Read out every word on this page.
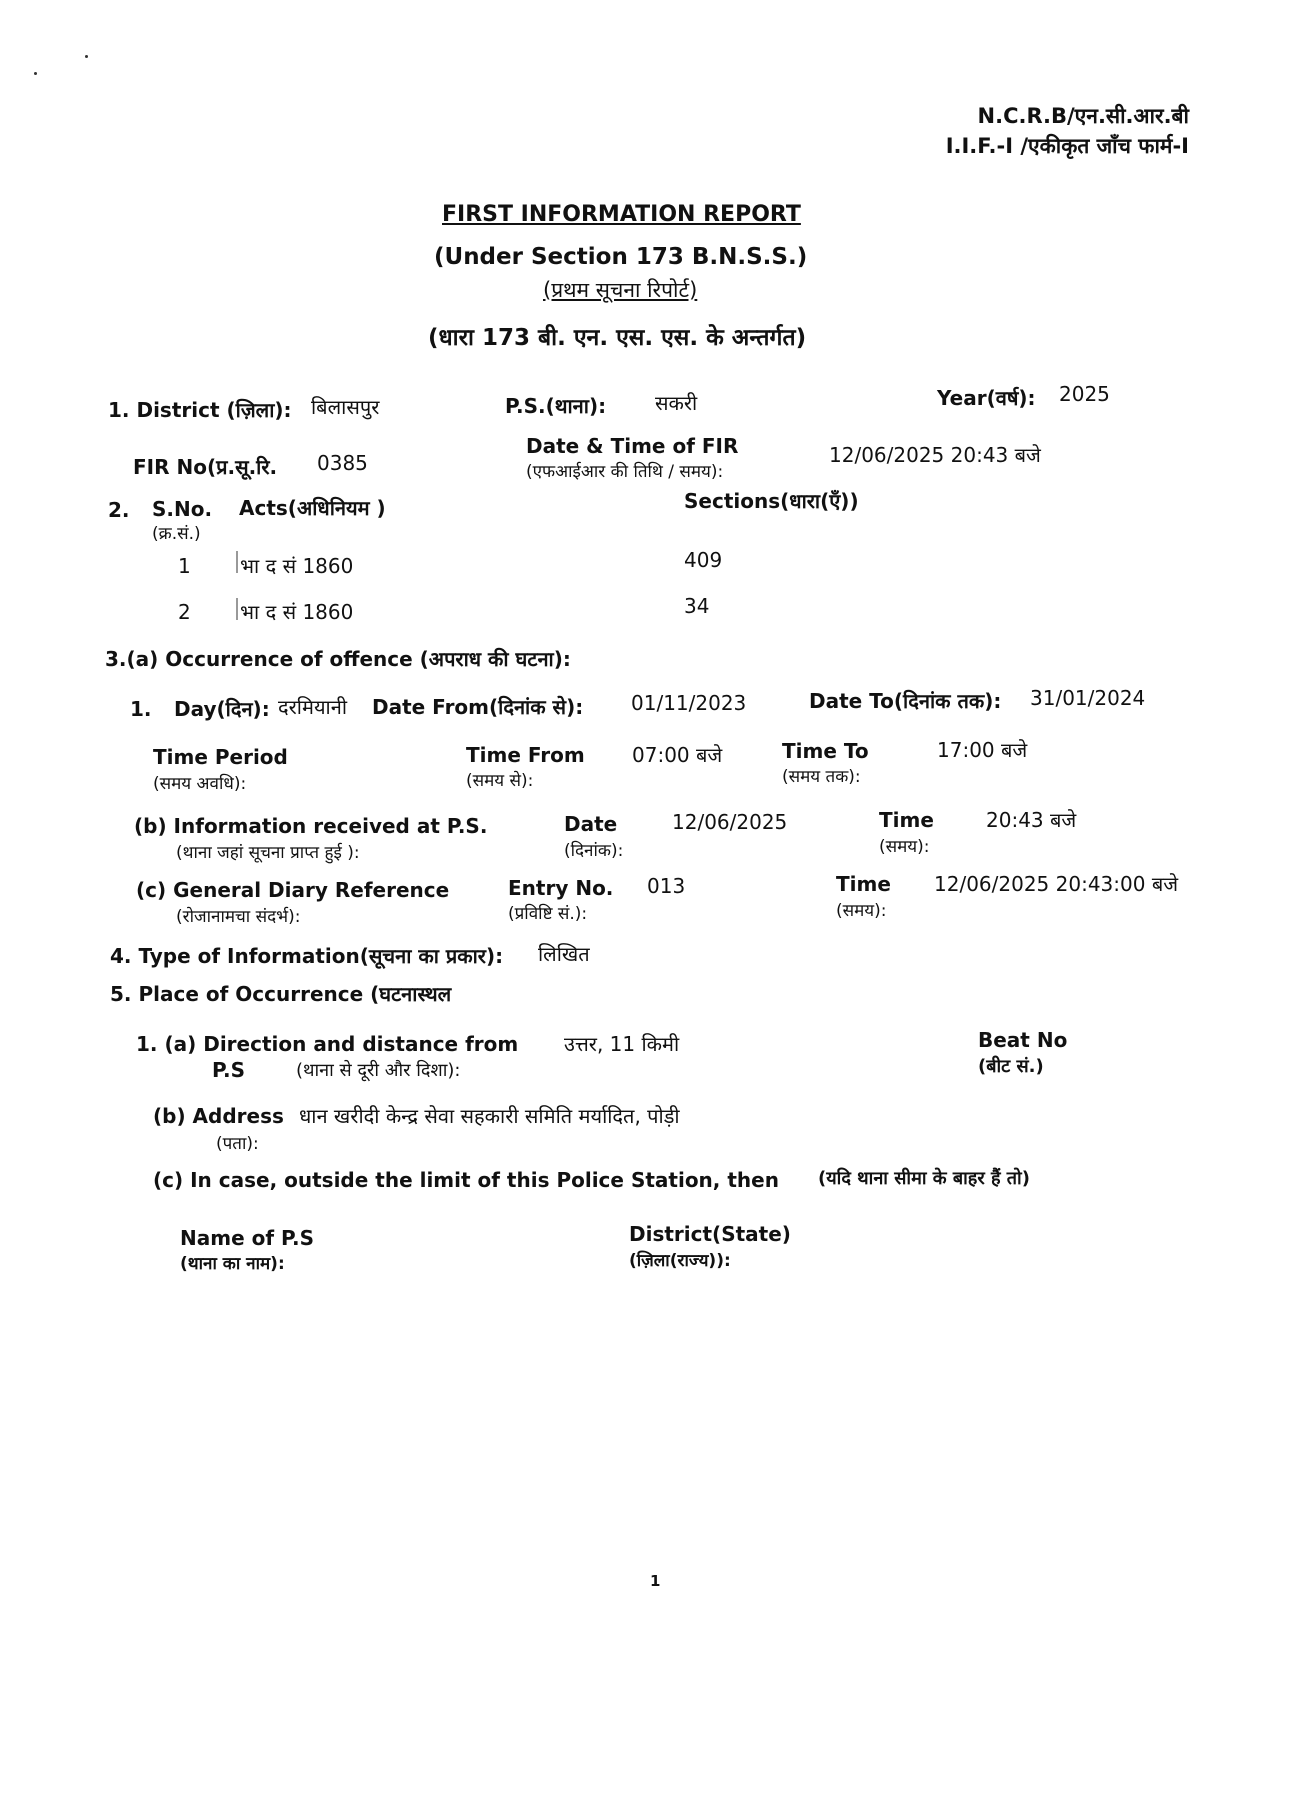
N.C.R.B/एन.सी.आर.बी
I.I.F.-I /एकीकृत जाँच फार्म-I
FIRST INFORMATION REPORT
(Under Section 173 B.N.S.S.)
(प्रथम सूचना रिपोर्ट)
(धारा 173 बी. एन. एस. एस. के अन्तर्गत)
1. District (ज़िला): बिलासपुर	P.S.(थाना): सकरी	Year(वर्ष): 2025
FIR No(प्र.सू.रि. 0385
Date & Time of FIR
(एफआईआर की तिथि / समय):
12/06/2025 20:43 बजे
2. S.No.
(क्र.सं.)
Acts(अधिनियम )	Sections(धारा(एँ))
1 भा द सं 1860	409
2 भा द सं 1860	34
3.(a) Occurrence of offence (अपराध की घटना):
1. Day(दिन): दरमियानी Date From(दिनांक से): 01/11/2023	Date To(दिनांक तक): 31/01/2024
Time Period
(समय अवधि):
Time From
(समय से):
07:00 बजे	Time To
(समय तक):
17:00 बजे
(b) Information received at P.S.
(थाना जहां सूचना प्राप्त हुई ):
Date
(दिनांक):
12/06/2025	Time
(समय):
20:43 बजे
(c) General Diary Reference
(रोजानामचा संदर्भ):
Entry No.
(प्रविष्टि सं.):
013	Time
(समय):
12/06/2025 20:43:00 बजे
4. Type of Information(सूचना का प्रकार): लिखित
5. Place of Occurrence (घटनास्थल
1. (a) Direction and distance from
P.S	(थाना से दूरी और दिशा):
उत्तर, 11 किमी	Beat No
(बीट सं.)
(b) Address धान खरीदी केन्द्र सेवा सहकारी समिति मर्यादित, पोड़ी
(पता):
(c) In case, outside the limit of this Police Station, then (यदि थाना सीमा के बाहर हैं तो)
Name of P.S
(थाना का नाम):
District(State)
(ज़िला(राज्य)):
1
